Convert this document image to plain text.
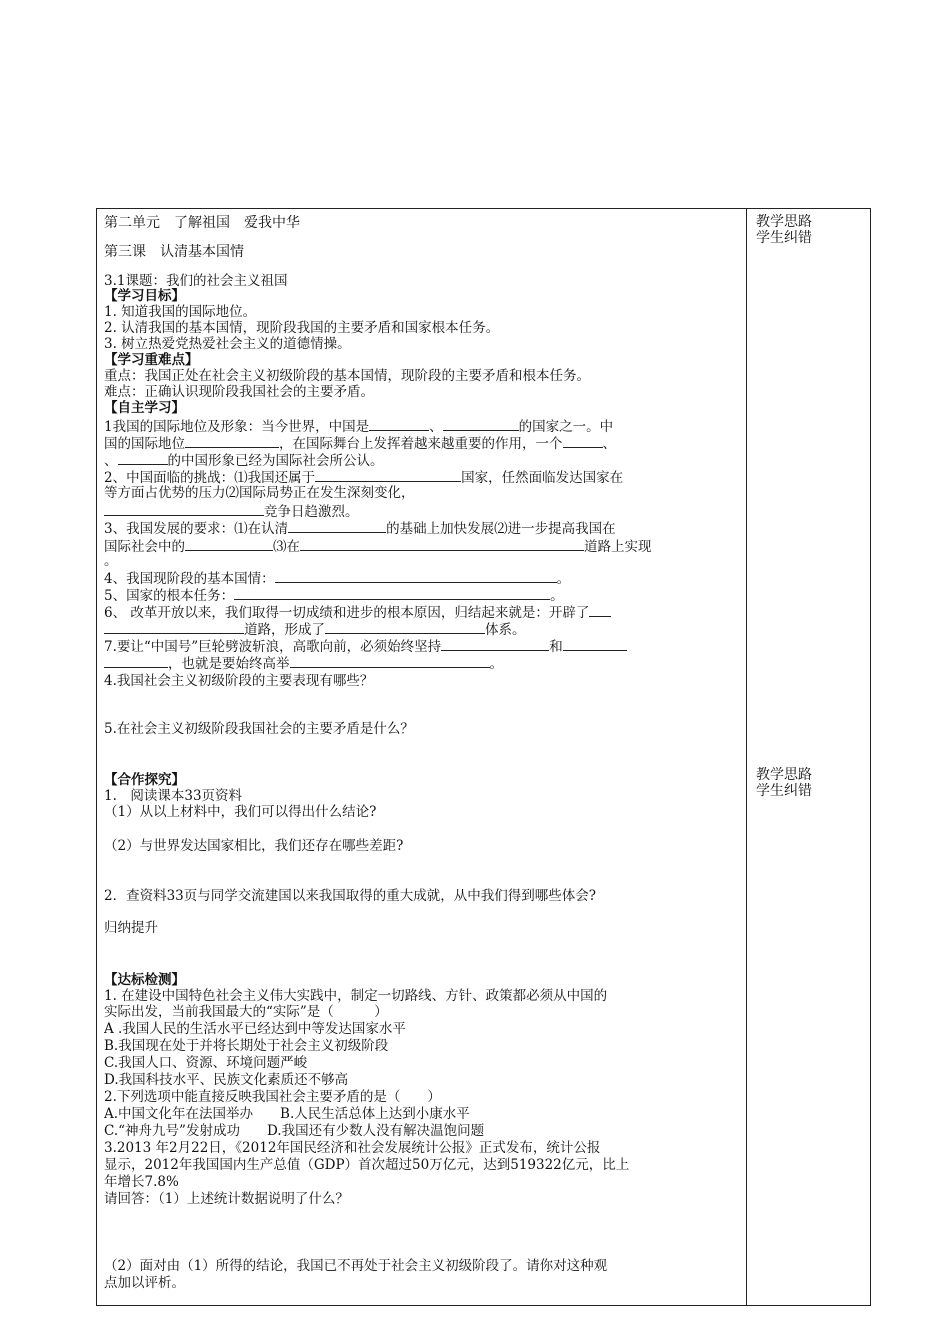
教学思路
学生纠错
教学思路
学生纠错
第二单元　了解祖国　爱我中华
第三课　认清基本国情
3.1课题：我们的社会主义祖国
【学习目标】
1. 知道我国的国际地位。
2. 认清我国的基本国情，现阶段我国的主要矛盾和国家根本任务。
3. 树立热爱党热爱社会主义的道德情操。
【学习重难点】
重点：我国正处在社会主义初级阶段的基本国情，现阶段的主要矛盾和根本任务。
难点：正确认识现阶段我国社会的主要矛盾。
【自主学习】
1我国的国际地位及形象：当今世界，中国是	、	的国家之一。中
国的国际地位	，在国际舞台上发挥着越来越重要的作用，一个	、
、	的中国形象已经为国际社会所公认。
2、中国面临的挑战：⑴我国还属于	国家，任然面临发达国家在
等方面占优势的压力⑵国际局势正在发生深刻变化，
竞争日趋激烈。
3、我国发展的要求：⑴在认清	的基础上加快发展⑵进一步提高我国在
国际社会中的	⑶在	道路上实现
。
4、我国现阶段的基本国情：	。
5、国家的根本任务：	。
6、 改革开放以来，我们取得一切成绩和进步的根本原因，归结起来就是：开辟了
道路，形成了	体系。
7.要让“中国号”巨轮劈波斩浪，高歌向前，必须始终坚持	和
，也就是要始终高举	。
4.我国社会主义初级阶段的主要表现有哪些？
5.在社会主义初级阶段我国社会的主要矛盾是什么？
【合作探究】
1.　阅读课本33页资料
（1）从以上材料中，我们可以得出什么结论?
（2）与世界发达国家相比，我们还存在哪些差距?
2．查资料33页与同学交流建国以来我国取得的重大成就，从中我们得到哪些体会?
归纳提升
【达标检测】
1. 在建设中国特色社会主义伟大实践中，制定一切路线、方针、政策都必须从中国的
实际出发，当前我国最大的“实际”是（　　　）
A .我国人民的生活水平已经达到中等发达国家水平
B.我国现在处于并将长期处于社会主义初级阶段
C.我国人口、资源、环境问题严峻
D.我国科技水平、民族文化素质还不够高
2.下列选项中能直接反映我国社会主要矛盾的是（　　）
A.中国文化年在法国举办　　B.人民生活总体上达到小康水平
C.“神舟九号”发射成功　　D.我国还有少数人没有解决温饱问题
3.2013 年2月22日，《2012年国民经济和社会发展统计公报》正式发布，统计公报
显示，2012年我国国内生产总值（GDP）首次超过50万亿元，达到519322亿元，比上
年增长7.8%
请回答：（1）上述统计数据说明了什么？
（2）面对由（1）所得的结论，我国已不再处于社会主义初级阶段了。请你对这种观
点加以评析。
